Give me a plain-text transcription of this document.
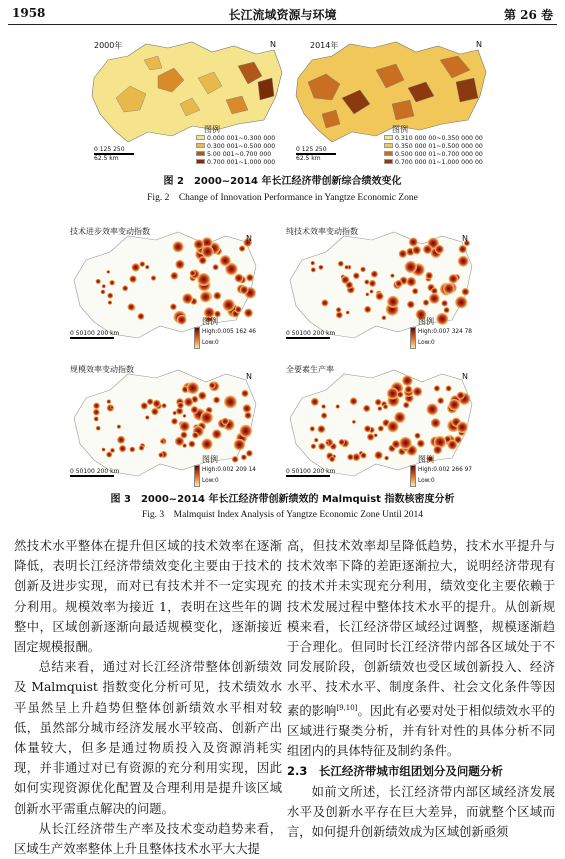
1958	长江流域资源与环境	第 26 卷
2000年	N
0 125 250
62.5 km
图例
0.000 001~0.300 000
0.300 001~0.500 000
5.00 001~0.700 000
0.700 001~1.000 000
2014年	N
0 125 250
62.5 km
图例
0.310 000 00~0.350 000 00
0.350 000 01~0.500 000 00
0.500 000 01~0.700 000 00
0.700 000 01~1.000 000 00
图 2　2000~2014 年长江经济带创新综合绩效变化
Fig. 2　Change of Innovation Performance in Yangtze Economic Zone
技术进步效率变动指数
N
0 50100 200 km
图例
High:0.005 162 46
Low:0
纯技术效率变动指数
N
0 50100 200 km
图例
High:0.007 324 78
Low:0
规模效率变动指数
N
0 50100 200 km
图例
High:0.002 209 14
Low:0
全要素生产率
N
0 50100 200 km
图例
High:0.002 266 97
Low:0
图 3　2000~2014 年长江经济带创新绩效的 Malmquist 指数核密度分析
Fig. 3　Malmquist Index Analysis of Yangtze Economic Zone Until 2014

然技术水平整体在提升但区域的技术效率在逐渐降低，表明长江经济带绩效变化主要由于技术的创新及进步实现，而对已有技术并不一定实现充分利用。规模效率为接近 1，表明在这些年的调整中，区域创新逐渐向最适规模变化，逐渐接近固定规模报酬。

总结来看，通过对长江经济带整体创新绩效及 Malmquist 指数变化分析可见，技术绩效水平虽然呈上升趋势但整体创新绩效水平相对较低，虽然部分城市经济发展水平较高、创新产出体量较大，但多是通过物质投入及资源消耗实现，并非通过对已有资源的充分利用实现，因此如何实现资源优化配置及合理利用是提升该区域创新水平需重点解决的问题。

从长江经济带生产率及技术变动趋势来看，区域生产效率整体上升且整体技术水平大大提

高，但技术效率却呈降低趋势，技术水平提升与技术效率下降的差距逐渐拉大，说明经济带现有的技术并未实现充分利用，绩效变化主要依赖于技术发展过程中整体技术水平的提升。从创新规模来看，长江经济带区域经过调整，规模逐渐趋于合理化。但同时长江经济带内部各区域处于不同发展阶段，创新绩效也受区域创新投入、经济水平、技术水平、制度条件、社会文化条件等因素的影响[9,10]。因此有必要对处于相似绩效水平的区域进行聚类分析，并有针对性的具体分析不同组团内的具体特征及制约条件。

2.3　长江经济带城市组团划分及问题分析

如前文所述，长江经济带内部区域经济发展水平及创新水平存在巨大差异，而就整个区域而言，如何提升创新绩效成为区域创新亟须
